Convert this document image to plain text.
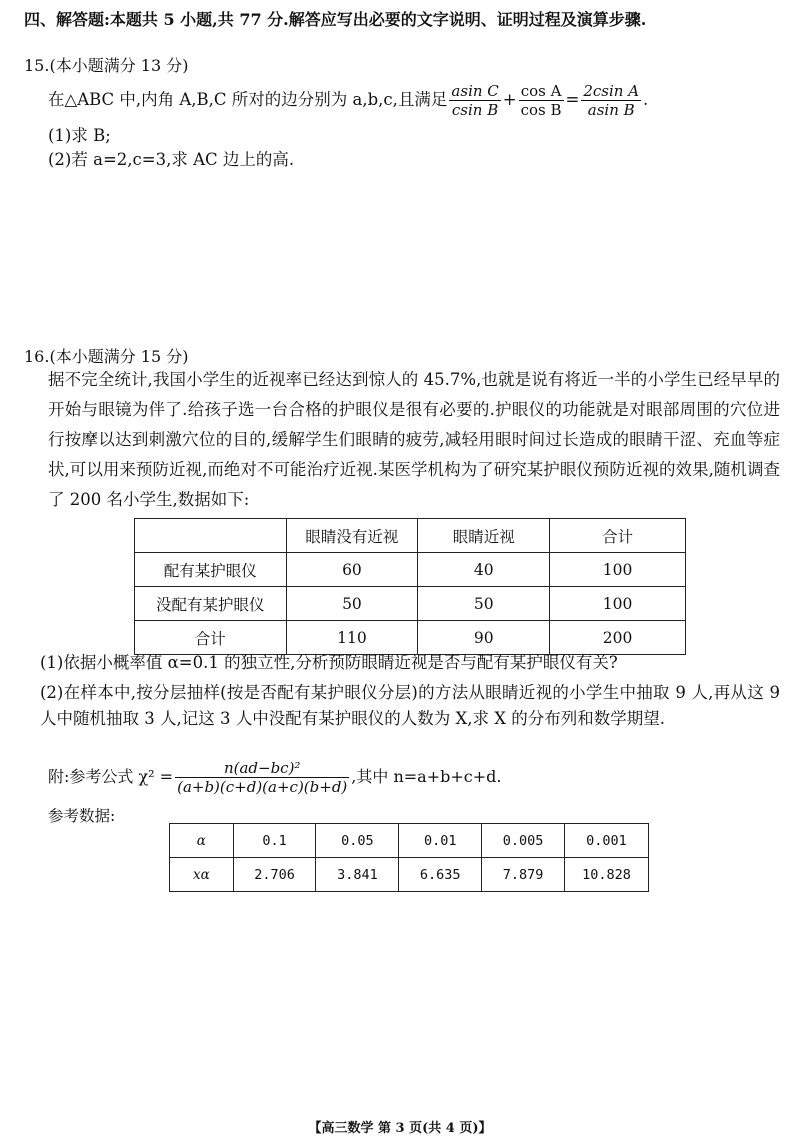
四、解答题:本题共 5 小题,共 77 分.解答应写出必要的文字说明、证明过程及演算步骤.
15.(本小题满分 13 分)
在△ABC 中,内角 A,B,C 所对的边分别为 a,b,c,且满足 $\frac{\text{asin C}}{\text{csin B}} + \frac{\text{cos A}}{\text{cos B}} = \frac{\text{2csin A}}{\text{asin B}}$ .
(1)求 B;
(2)若 a=2,c=3,求 AC 边上的高.
16.(本小题满分 15 分)
据不完全统计,我国小学生的近视率已经达到惊人的 45.7%,也就是说有将近一半的小学生已经早早的开始与眼镜为伴了.给孩子选一台合格的护眼仪是很有必要的.护眼仪的功能就是对眼部周围的穴位进行按摩以达到刺激穴位的目的,缓解学生们眼睛的疲劳,减轻用眼时间过长造成的眼睛干涩、充血等症状,可以用来预防近视,而绝对不可能治疗近视.某医学机构为了研究某护眼仪预防近视的效果,随机调查了 200 名小学生,数据如下:
	眼睛没有近视	眼睛近视	合计
配有某护眼仪	60	40	100
没配有某护眼仪	50	50	100
合计	110	90	200
(1)依据小概率值 α=0.1 的独立性,分析预防眼睛近视是否与配有某护眼仪有关?
(2)在样本中,按分层抽样(按是否配有某护眼仪分层)的方法从眼睛近视的小学生中抽取 9 人,再从这 9 人中随机抽取 3 人,记这 3 人中没配有某护眼仪的人数为 X,求 X 的分布列和数学期望.
附:参考公式 $\chi^2 = \frac{\text{n(ad−bc)²}}{(a+b)(c+d)(a+c)(b+d)}$ ,其中 n=a+b+c+d.
参考数据:
α	0.1	0.05	0.01	0.005	0.001
xα	2.706	3.841	6.635	7.879	10.828
【高三数学 第 3 页(共 4 页)】
